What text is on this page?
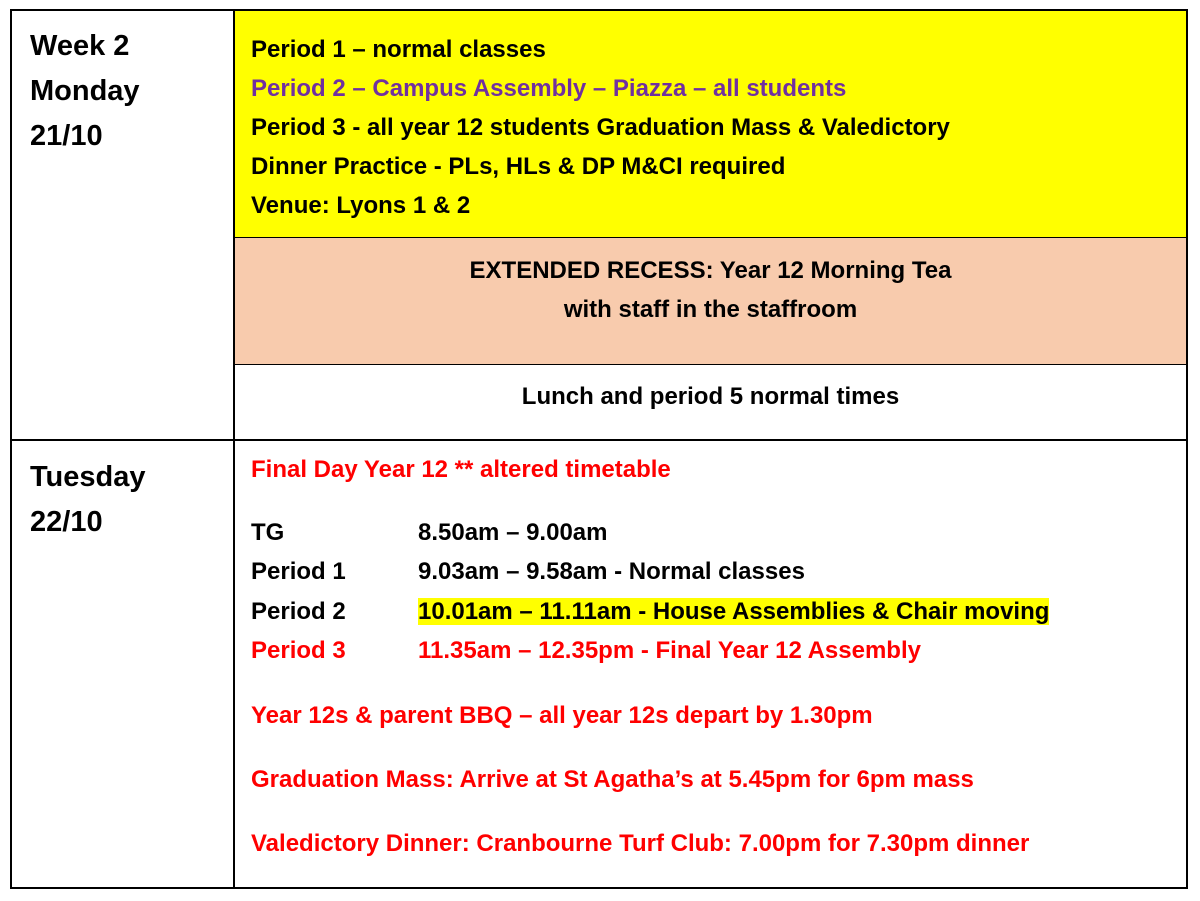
Week 2
Monday
21/10
Period 1 – normal classes
Period 2 – Campus Assembly – Piazza – all students
Period 3 - all year 12 students Graduation Mass & Valedictory
Dinner Practice - PLs, HLs & DP M&CI required
Venue: Lyons 1 & 2
EXTENDED RECESS: Year 12 Morning Tea
with staff in the staffroom
Lunch and period 5 normal times
Tuesday
22/10
Final Day Year 12 ** altered timetable
TG	8.50am – 9.00am
Period 1	9.03am – 9.58am - Normal classes
Period 2	10.01am – 11.11am - House Assemblies & Chair moving
Period 3	11.35am – 12.35pm - Final Year 12 Assembly
Year 12s & parent BBQ – all year 12s depart by 1.30pm
Graduation Mass: Arrive at St Agatha’s at 5.45pm for 6pm mass
Valedictory Dinner: Cranbourne Turf Club: 7.00pm for 7.30pm dinner
